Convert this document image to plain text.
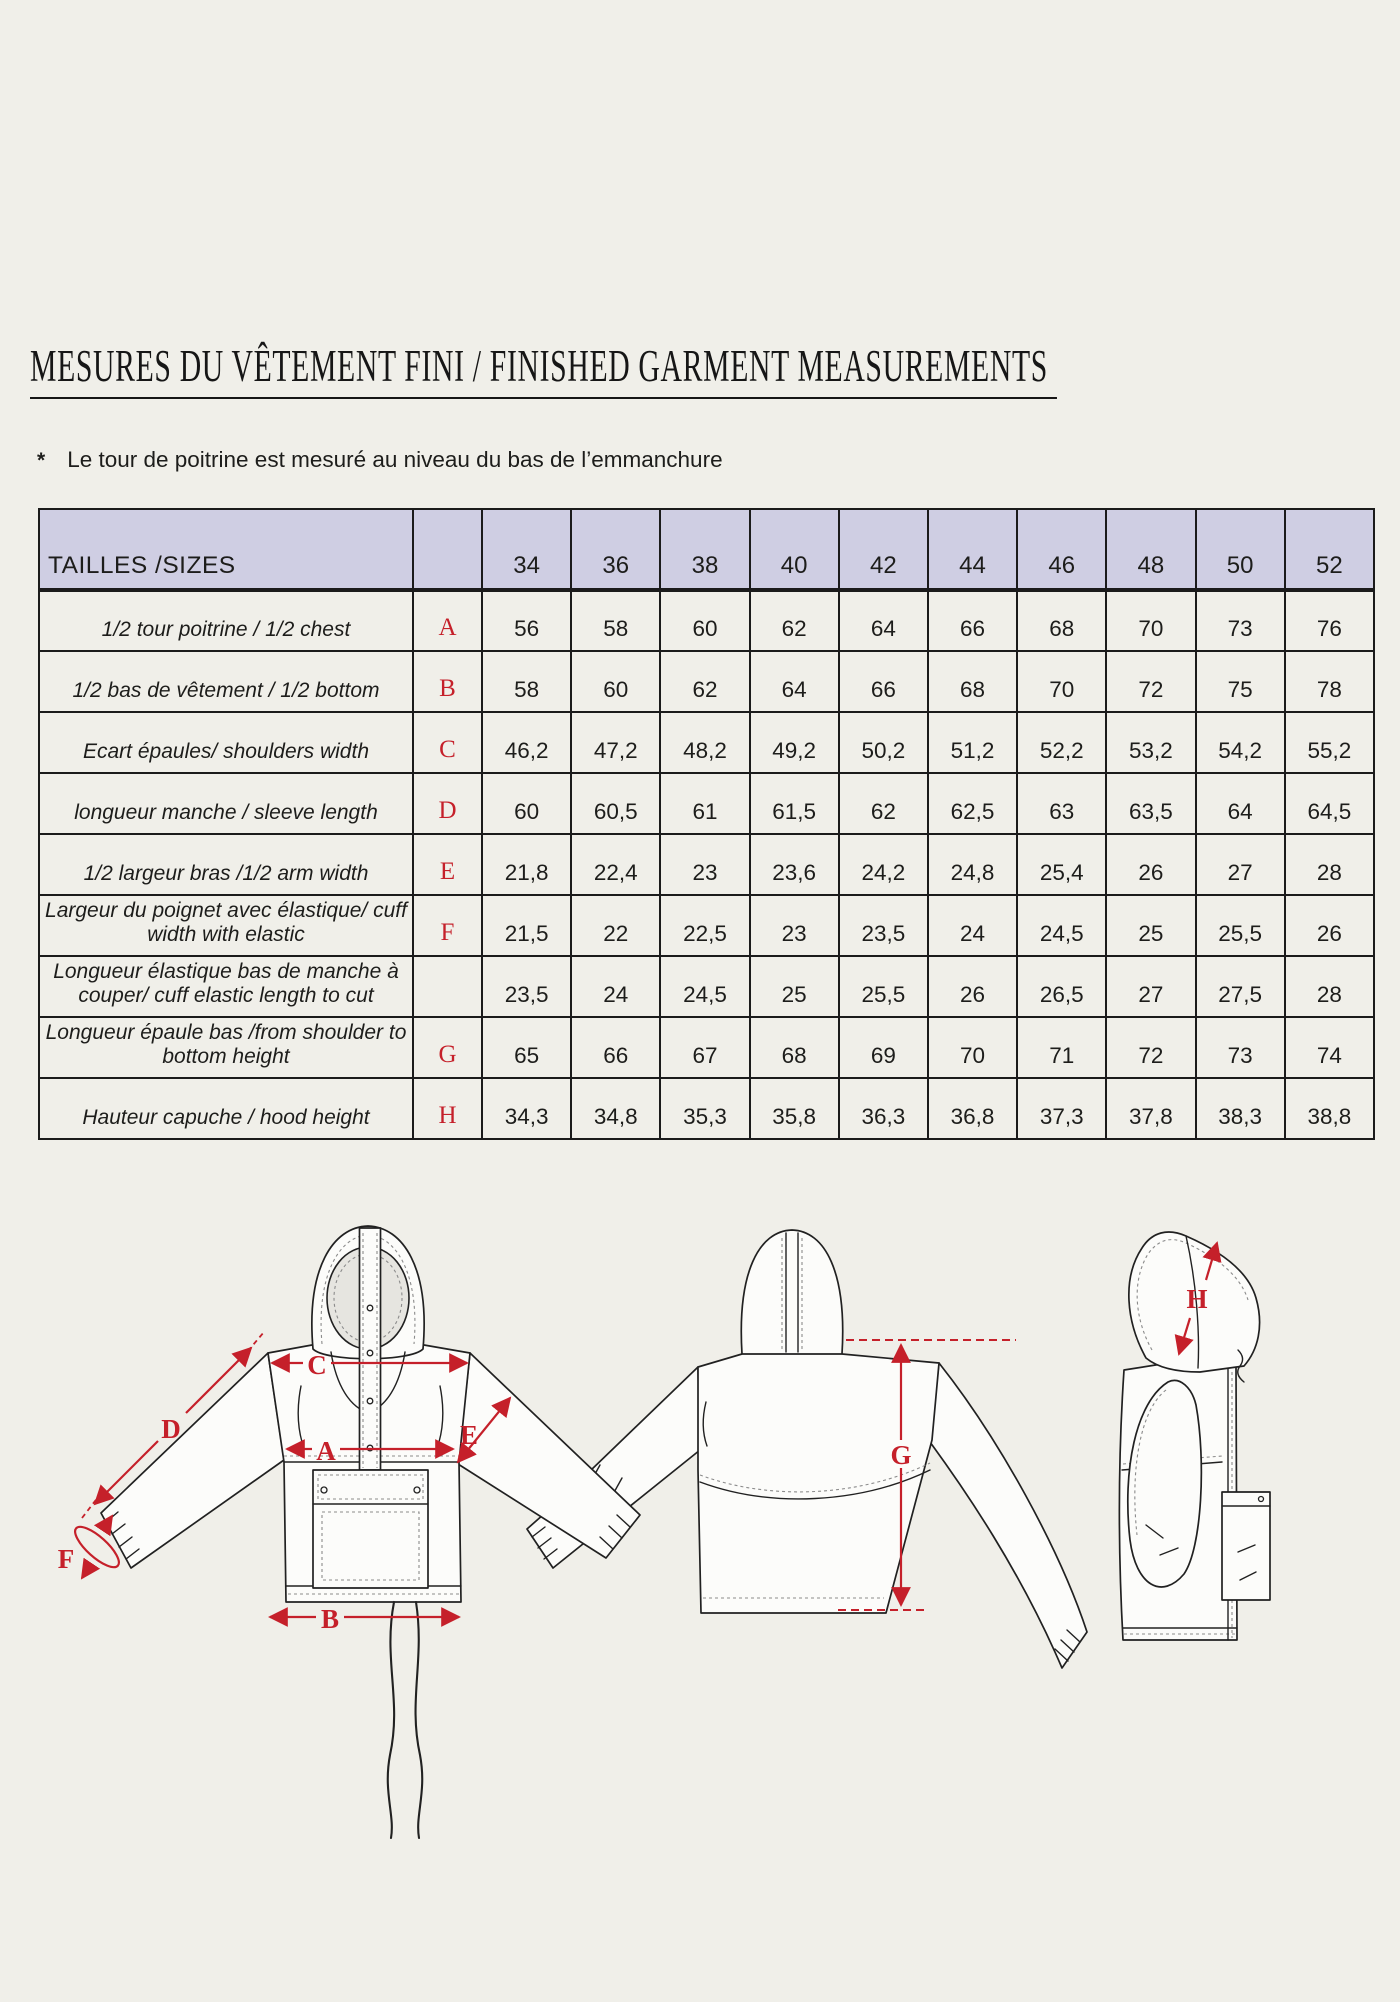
MESURES DU VÊTEMENT FINI / FINISHED GARMENT MEASUREMENTS
* Le tour de poitrine est mesuré au niveau du bas de l’emmanchure
TAILLES /SIZES		34	36	38	40	42	44	46	48	50	52
1/2 tour poitrine / 1/2 chest	A	56	58	60	62	64	66	68	70	73	76
1/2 bas de vêtement / 1/2 bottom	B	58	60	62	64	66	68	70	72	75	78
Ecart épaules/ shoulders width	C	46,2	47,2	48,2	49,2	50,2	51,2	52,2	53,2	54,2	55,2
longueur manche / sleeve length	D	60	60,5	61	61,5	62	62,5	63	63,5	64	64,5
1/2 largeur bras /1/2 arm width	E	21,8	22,4	23	23,6	24,2	24,8	25,4	26	27	28
Largeur du poignet avec élastique/ cuff width with elastic	F	21,5	22	22,5	23	23,5	24	24,5	25	25,5	26
Longueur élastique bas de manche à couper/ cuff elastic length to cut		23,5	24	24,5	25	25,5	26	26,5	27	27,5	28
Longueur épaule bas /from shoulder to bottom height	G	65	66	67	68	69	70	71	72	73	74
Hauteur capuche / hood height	H	34,3	34,8	35,3	35,8	36,3	36,8	37,3	37,8	38,3	38,8
G
C
D
A
E
F
B
H
